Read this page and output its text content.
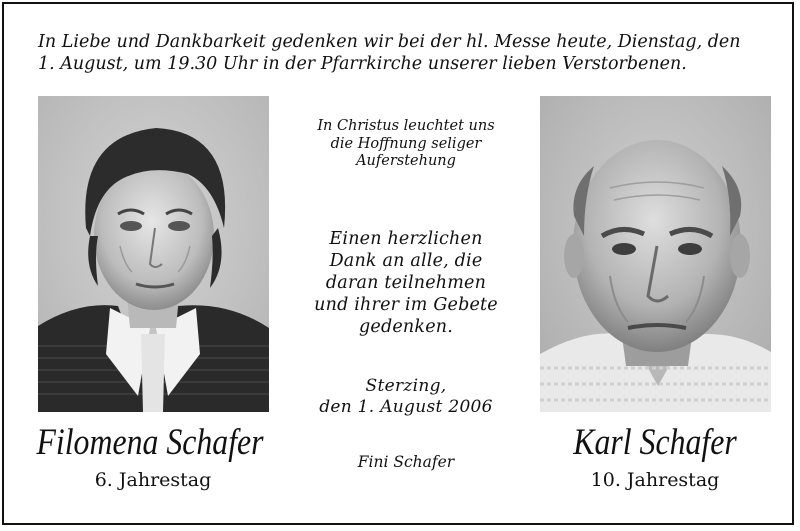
In Liebe und Dankbarkeit gedenken wir bei der hl. Messe heute, Dienstag, den
1. August, um 19.30 Uhr in der Pfarrkirche unserer lieben Verstorbenen.
In Christus leuchtet uns
die Hoffnung seliger
Auferstehung
Einen herzlichen
Dank an alle, die
daran teilnehmen
und ihrer im Gebete
gedenken.
Sterzing,
den 1. August 2006
Fini Schafer
Filomena Schafer
6. Jahrestag
Karl Schafer
10. Jahrestag
